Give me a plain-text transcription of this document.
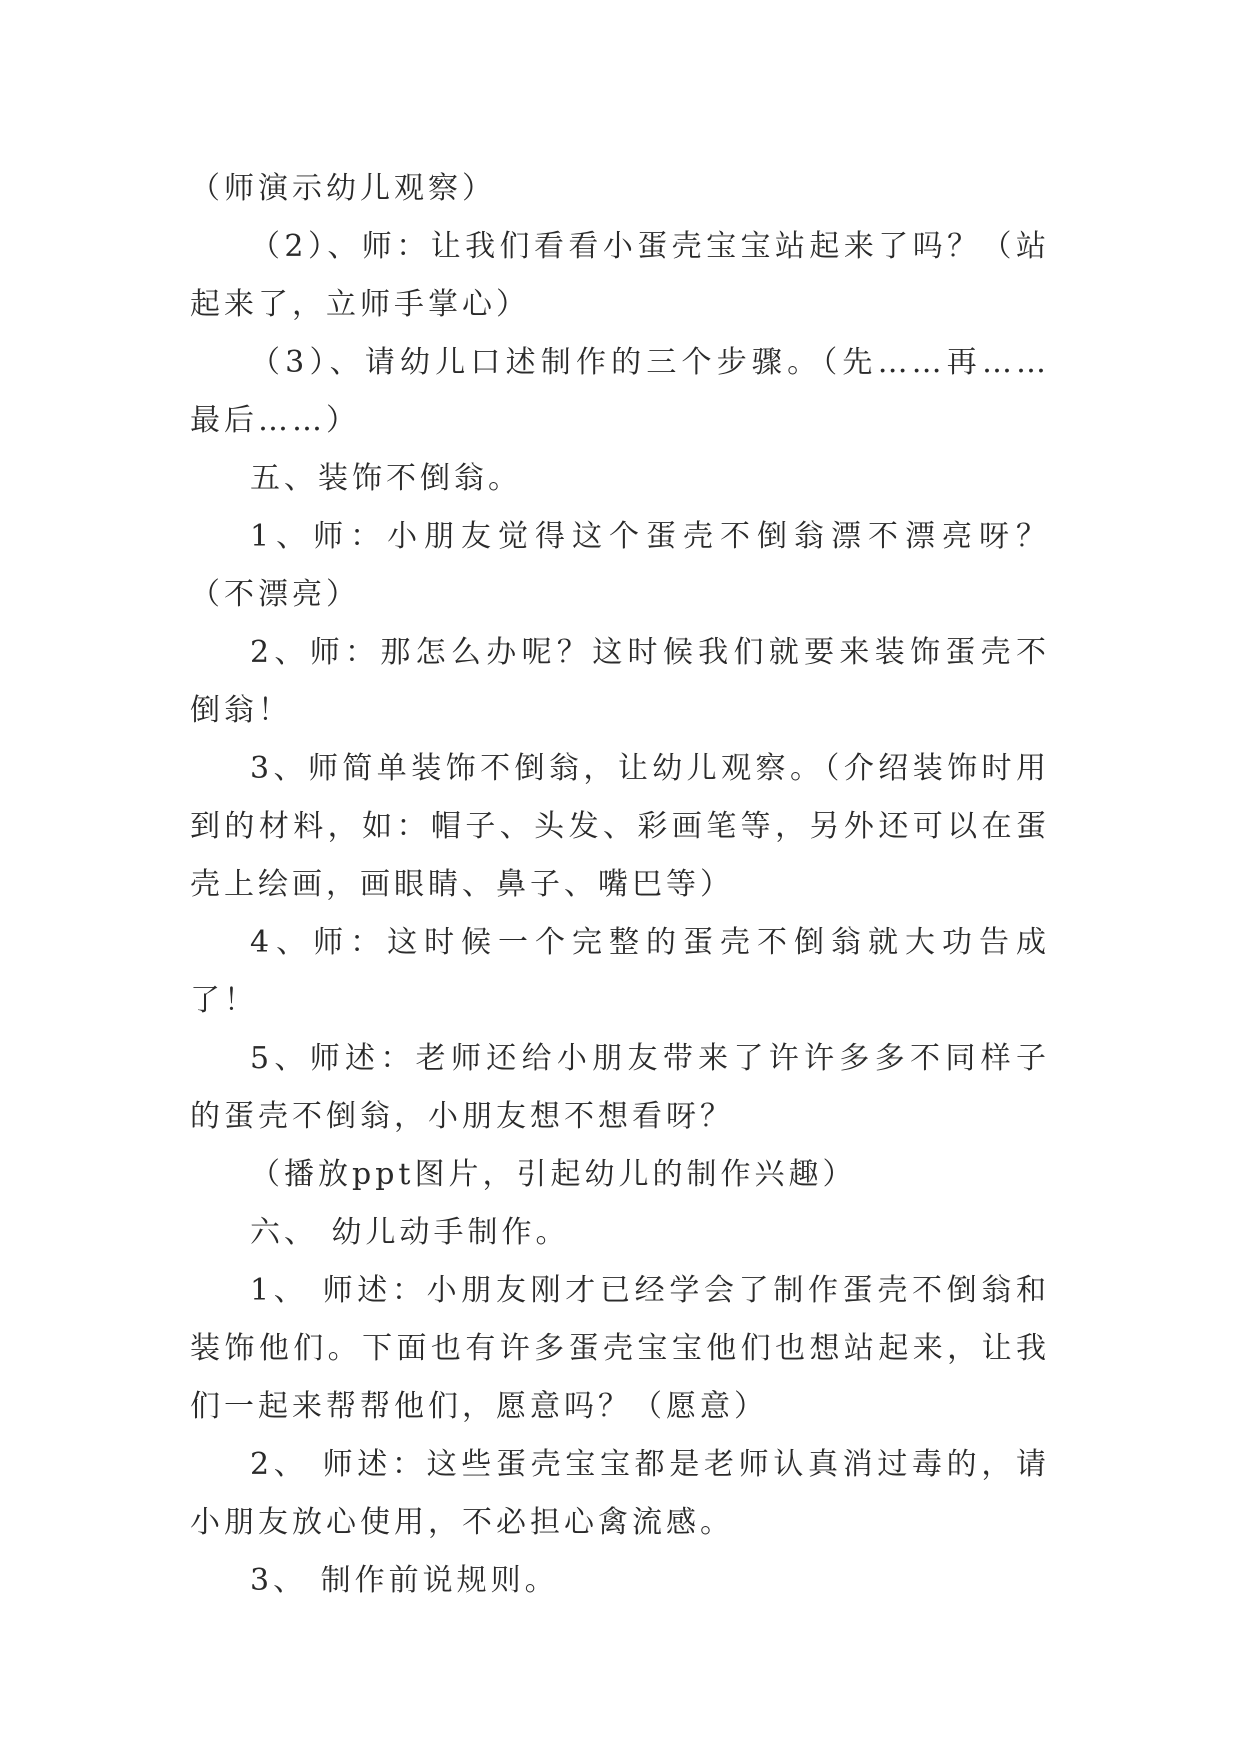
（师演示幼儿观察）

（2）、师：让我们看看小蛋壳宝宝站起来了吗？（站起来了，立师手掌心）

（3）、请幼儿口述制作的三个步骤。（先……再……最后……）

五、装饰不倒翁。

1、师：小朋友觉得这个蛋壳不倒翁漂不漂亮呀？（不漂亮）

2、师：那怎么办呢？这时候我们就要来装饰蛋壳不倒翁！

3、师简单装饰不倒翁，让幼儿观察。（介绍装饰时用到的材料，如：帽子、头发、彩画笔等，另外还可以在蛋壳上绘画，画眼睛、鼻子、嘴巴等）

4、师：这时候一个完整的蛋壳不倒翁就大功告成了！

5、师述：老师还给小朋友带来了许许多多不同样子的蛋壳不倒翁，小朋友想不想看呀？

（播放ppt图片，引起幼儿的制作兴趣）

六、 幼儿动手制作。

1、 师述：小朋友刚才已经学会了制作蛋壳不倒翁和装饰他们。下面也有许多蛋壳宝宝他们也想站起来，让我们一起来帮帮他们，愿意吗？（愿意）

2、 师述：这些蛋壳宝宝都是老师认真消过毒的，请小朋友放心使用，不必担心禽流感。

3、 制作前说规则。
